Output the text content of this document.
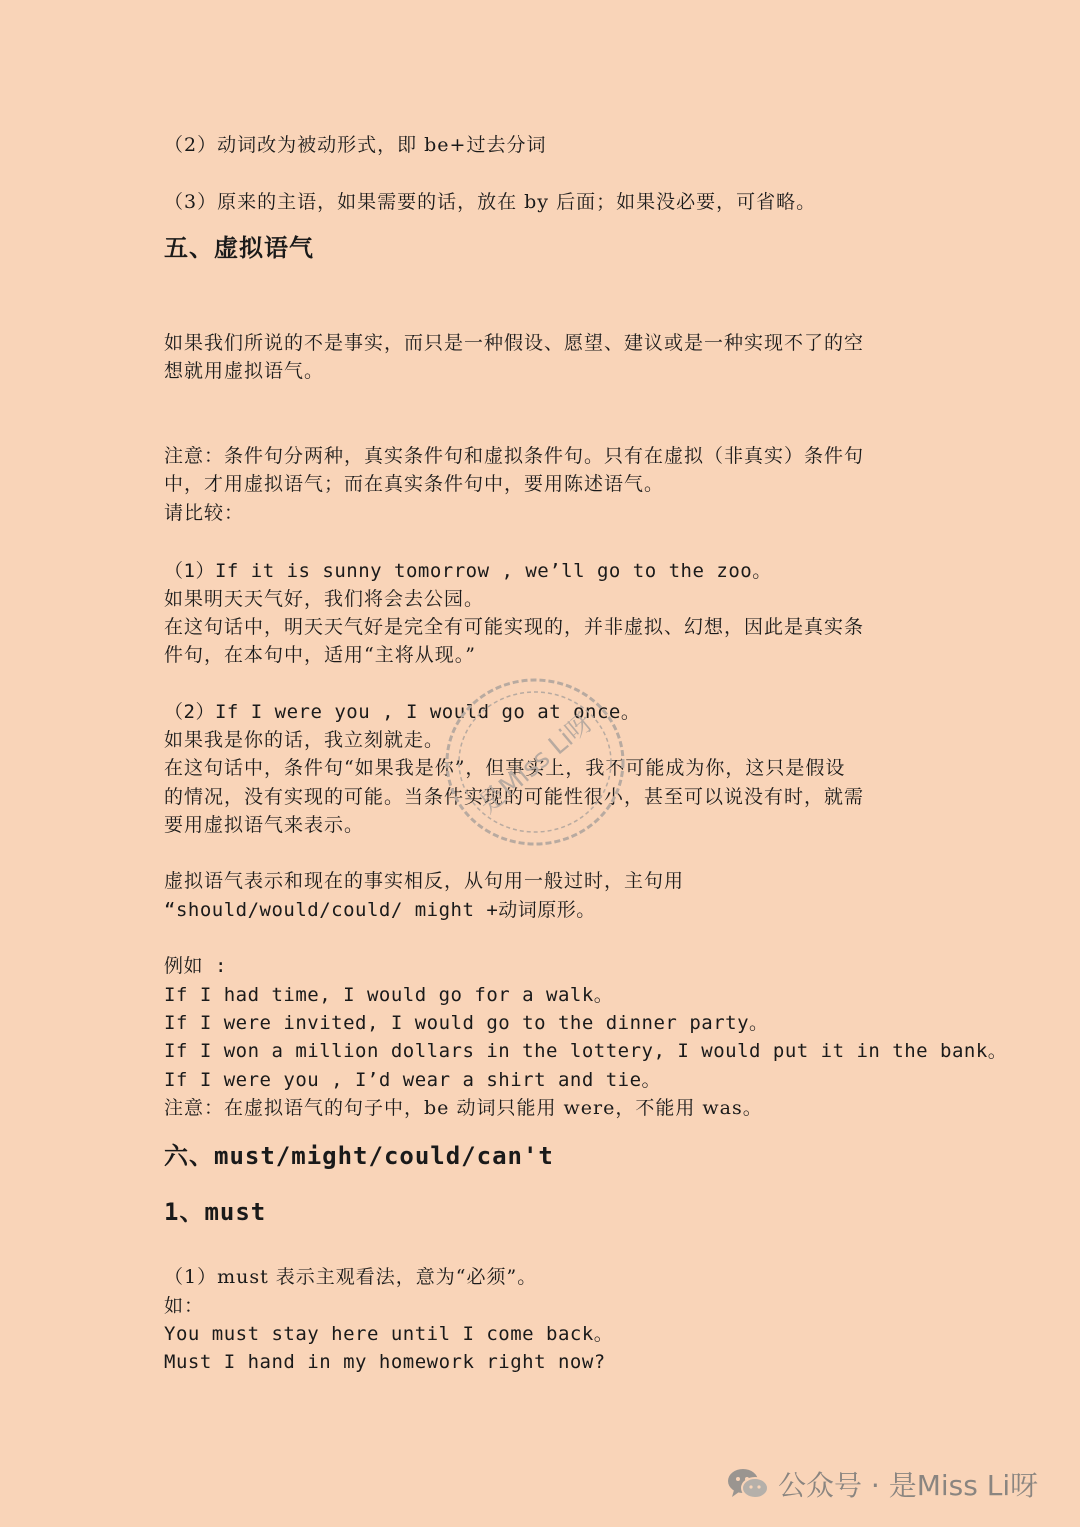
（2）动词改为被动形式，即 be+过去分词
（3）原来的主语，如果需要的话，放在 by 后面；如果没必要，可省略。
五、虚拟语气
如果我们所说的不是事实，而只是一种假设、愿望、建议或是一种实现不了的空
想就用虚拟语气。
注意：条件句分两种，真实条件句和虚拟条件句。只有在虚拟（非真实）条件句
中，才用虚拟语气；而在真实条件句中，要用陈述语气。
请比较：
（1）If it is sunny tomorrow , we’ll go to the zoo。
如果明天天气好，我们将会去公园。
在这句话中，明天天气好是完全有可能实现的，并非虚拟、幻想，因此是真实条
件句，在本句中，适用“主将从现。”
（2）If I were you , I would go at once。
如果我是你的话，我立刻就走。
在这句话中，条件句“如果我是你”，但事实上，我不可能成为你，这只是假设
的情况，没有实现的可能。当条件实现的可能性很小，甚至可以说没有时，就需
要用虚拟语气来表示。
虚拟语气表示和现在的事实相反，从句用一般过时，主句用
“should/would/could/ might +动词原形。
例如 :
If I had time, I would go for a walk。
If I were invited, I would go to the dinner party。
If I won a million dollars in the lottery, I would put it in the bank。
If I were you , I’d wear a shirt and tie。
注意：在虚拟语气的句子中，be 动词只能用 were，不能用 was。
六、must/might/could/can't
1、must
（1）must 表示主观看法，意为“必须”。
如：
You must stay here until I come back。
Must I hand in my homework right now?
是Miss Li呀
公众号 · 是Miss Li呀
